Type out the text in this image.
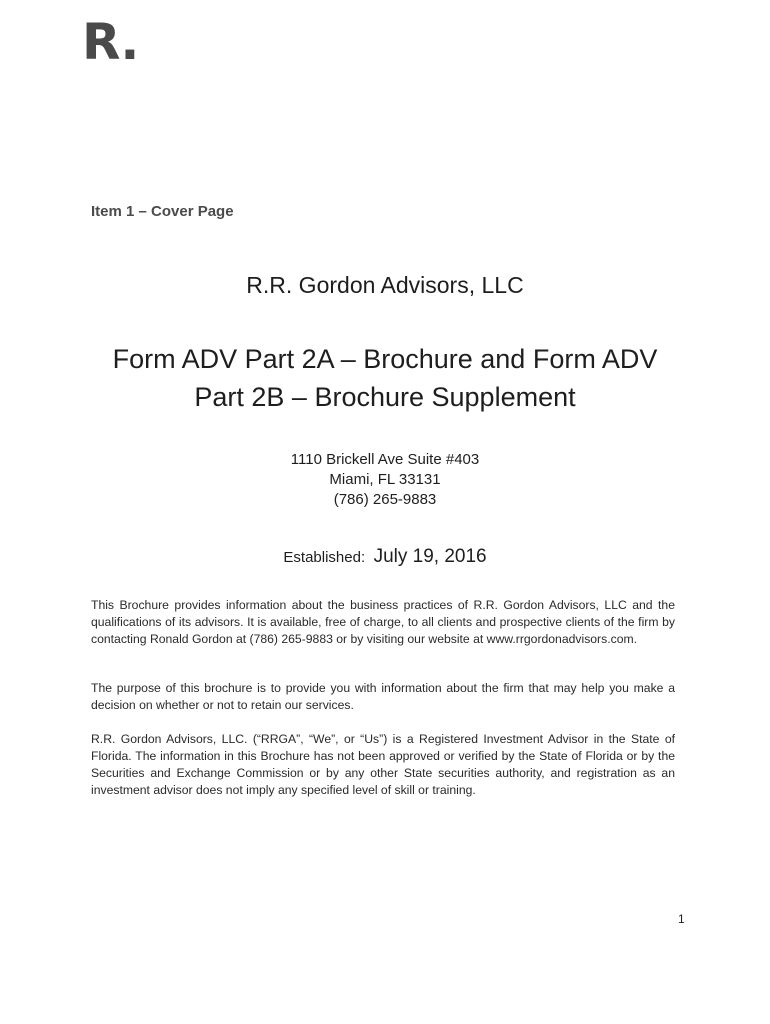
R.
Item 1 – Cover Page
R.R. Gordon Advisors, LLC
Form ADV Part 2A – Brochure and Form ADV Part 2B – Brochure Supplement
1110 Brickell Ave Suite #403
Miami, FL 33131
(786) 265-9883
Established: July 19, 2016

This Brochure provides information about the business practices of R.R. Gordon Advisors, LLC and the qualifications of its advisors. It is available, free of charge, to all clients and prospective clients of the firm by contacting Ronald Gordon at (786) 265-9883 or by visiting our website at www.rrgordonadvisors.com.

The purpose of this brochure is to provide you with information about the firm that may help you make a decision on whether or not to retain our services.

R.R. Gordon Advisors, LLC. (“RRGA”, “We”, or “Us”) is a Registered Investment Advisor in the State of Florida. The information in this Brochure has not been approved or verified by the State of Florida or by the Securities and Exchange Commission or by any other State securities authority, and registration as an investment advisor does not imply any specified level of skill or training.

1
